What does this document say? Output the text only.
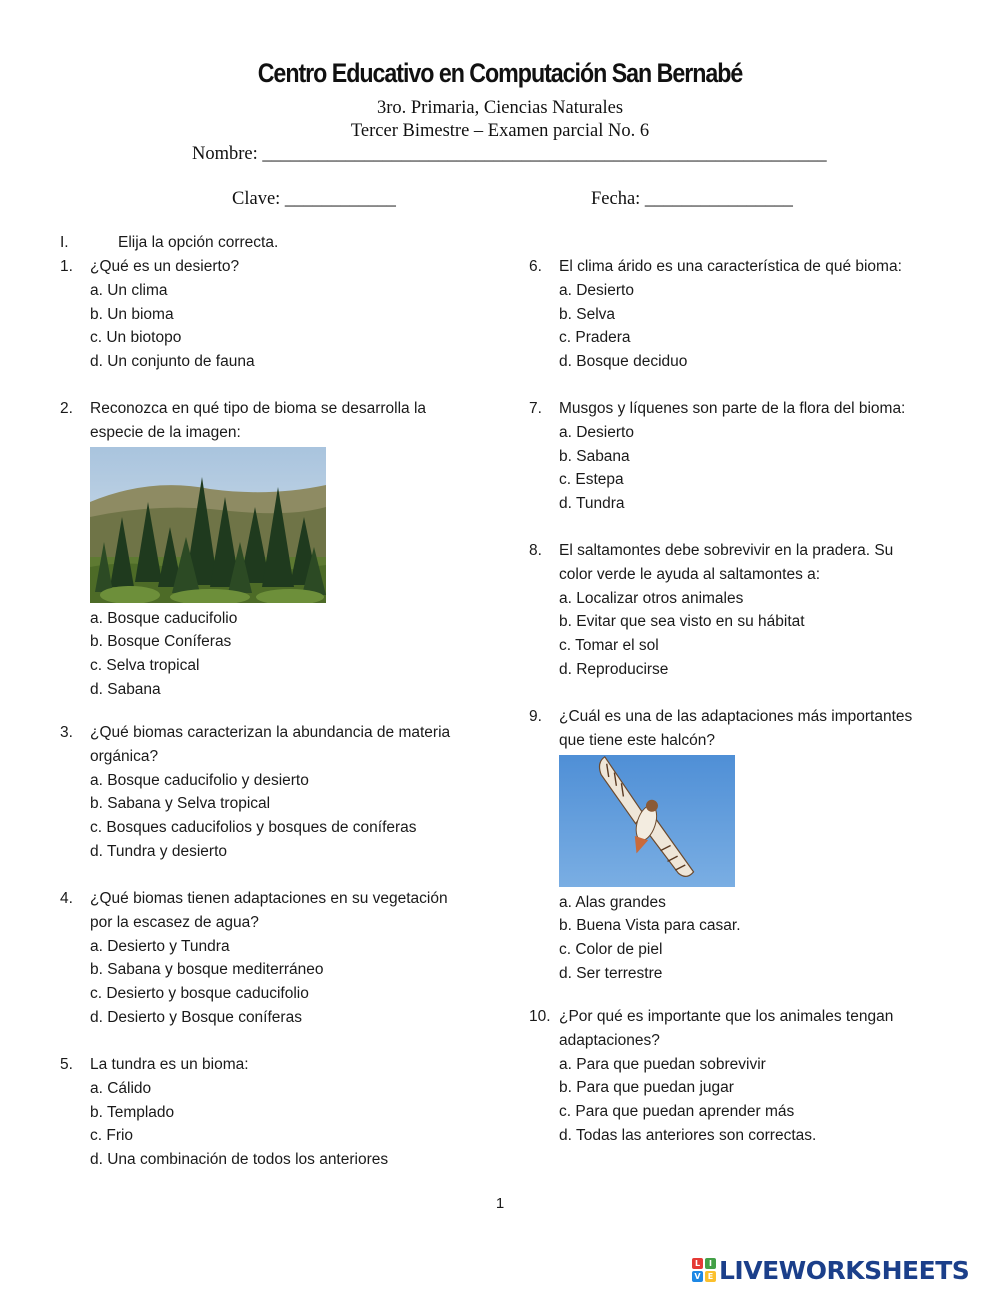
Centro Educativo en Computación San Bernabé
3ro. Primaria, Ciencias Naturales
Tercer Bimestre – Examen parcial No. 6
Nombre: _____________________________________________________________
Clave: ____________	Fecha: ________________
I.	Elija la opción correcta.
1. ¿Qué es un desierto?
a. Un clima
b. Un bioma
c. Un biotopo
d. Un conjunto de fauna
2. Reconozca en qué tipo de bioma se desarrolla la
especie de la imagen:
a. Bosque caducifolio
b. Bosque Coníferas
c. Selva tropical
d. Sabana
3. ¿Qué biomas caracterizan la abundancia de materia
orgánica?
a. Bosque caducifolio y desierto
b. Sabana y Selva tropical
c. Bosques caducifolios y bosques de coníferas
d. Tundra y desierto
4. ¿Qué biomas tienen adaptaciones en su vegetación
por la escasez de agua?
a. Desierto y Tundra
b. Sabana y bosque mediterráneo
c. Desierto y bosque caducifolio
d. Desierto y Bosque coníferas
5. La tundra es un bioma:
a. Cálido
b. Templado
c. Frio
d. Una combinación de todos los anteriores
6. El clima árido es una característica de qué bioma:
a. Desierto
b. Selva
c. Pradera
d. Bosque deciduo
7. Musgos y líquenes son parte de la flora del bioma:
a. Desierto
b. Sabana
c. Estepa
d. Tundra
8. El saltamontes debe sobrevivir en la pradera. Su
color verde le ayuda al saltamontes a:
a. Localizar otros animales
b. Evitar que sea visto en su hábitat
c. Tomar el sol
d. Reproducirse
9. ¿Cuál es una de las adaptaciones más importantes
que tiene este halcón?
a. Alas grandes
b. Buena Vista para casar.
c. Color de piel
d. Ser terrestre
10. ¿Por qué es importante que los animales tengan
adaptaciones?
a. Para que puedan sobrevivir
b. Para que puedan jugar
c. Para que puedan aprender más
d. Todas las anteriores son correctas.
1
L	I
V E LIVEWORKSHEETS
